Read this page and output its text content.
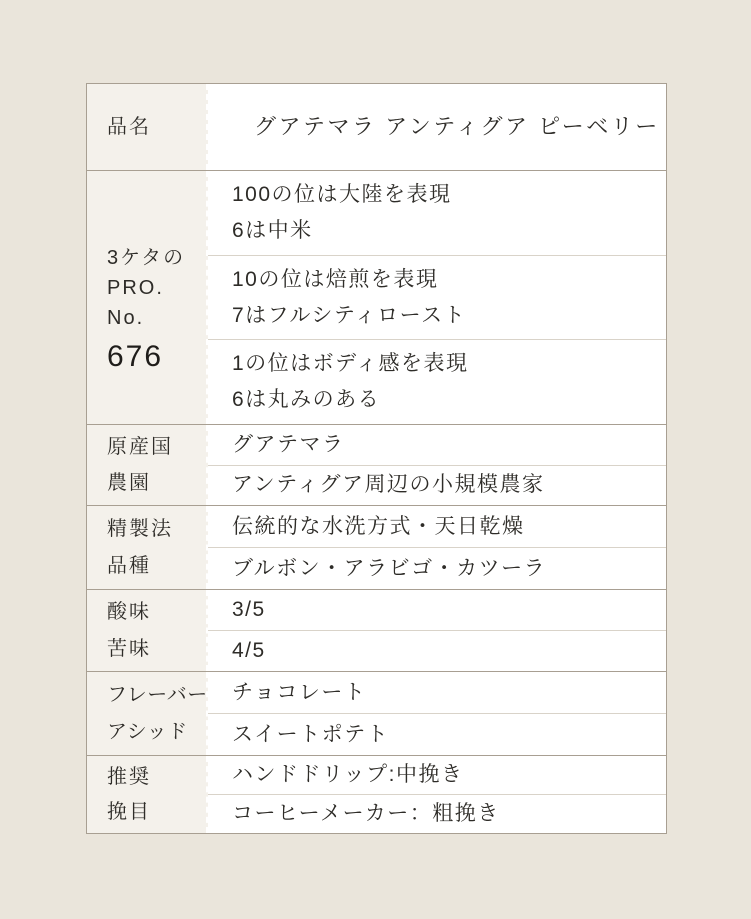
品名	グアテマラ アンティグア ピーベリー
3ケタの
PRO.
No.
676
100の位は大陸を表現
6は中米
10の位は焙煎を表現
7はフルシティロースト
1の位はボディ感を表現
6は丸みのある
原産国
農園
グアテマラ
アンティグア周辺の小規模農家
精製法
品種
伝統的な水洗方式・天日乾燥
ブルボン・アラビゴ・カツーラ
酸味
苦味
3/5
4/5
フレーバー
アシッド
チョコレート
スイートポテト
推奨
挽目
ハンドドリップ:中挽き
コーヒーメーカー：粗挽き
